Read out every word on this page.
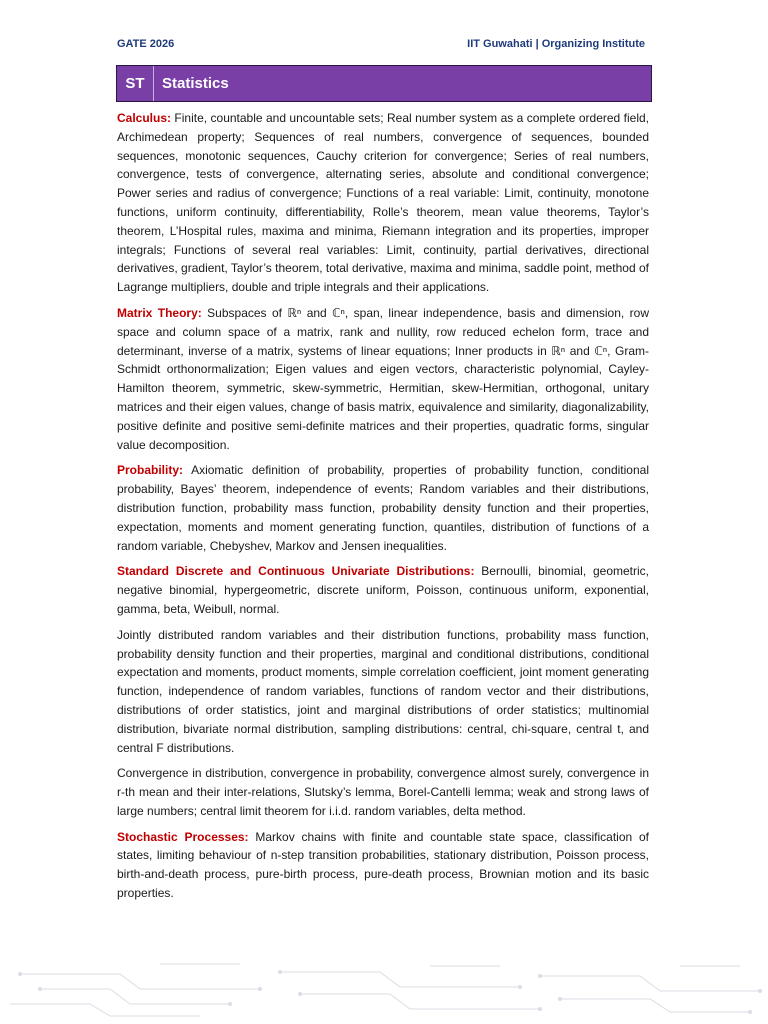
GATE 2026	IIT Guwahati | Organizing Institute
ST	Statistics

Calculus: Finite, countable and uncountable sets; Real number system as a complete ordered field, Archimedean property; Sequences of real numbers, convergence of sequences, bounded sequences, monotonic sequences, Cauchy criterion for convergence; Series of real numbers, convergence, tests of convergence, alternating series, absolute and conditional convergence; Power series and radius of convergence; Functions of a real variable: Limit, continuity, monotone functions, uniform continuity, differentiability, Rolle’s theorem, mean value theorems, Taylor’s theorem, L’Hospital rules, maxima and minima, Riemann integration and its properties, improper integrals; Functions of several real variables: Limit, continuity, partial derivatives, directional derivatives, gradient, Taylor’s theorem, total derivative, maxima and minima, saddle point, method of Lagrange multipliers, double and triple integrals and their applications.

Matrix Theory: Subspaces of ℝⁿ and ℂⁿ, span, linear independence, basis and dimension, row space and column space of a matrix, rank and nullity, row reduced echelon form, trace and determinant, inverse of a matrix, systems of linear equations; Inner products in ℝⁿ and ℂⁿ, Gram-Schmidt orthonormalization; Eigen values and eigen vectors, characteristic polynomial, Cayley-Hamilton theorem, symmetric, skew-symmetric, Hermitian, skew-Hermitian, orthogonal, unitary matrices and their eigen values, change of basis matrix, equivalence and similarity, diagonalizability, positive definite and positive semi-definite matrices and their properties, quadratic forms, singular value decomposition.

Probability: Axiomatic definition of probability, properties of probability function, conditional probability, Bayes’ theorem, independence of events; Random variables and their distributions, distribution function, probability mass function, probability density function and their properties, expectation, moments and moment generating function, quantiles, distribution of functions of a random variable, Chebyshev, Markov and Jensen inequalities.

Standard Discrete and Continuous Univariate Distributions: Bernoulli, binomial, geometric, negative binomial, hypergeometric, discrete uniform, Poisson, continuous uniform, exponential, gamma, beta, Weibull, normal.

Jointly distributed random variables and their distribution functions, probability mass function, probability density function and their properties, marginal and conditional distributions, conditional expectation and moments, product moments, simple correlation coefficient, joint moment generating function, independence of random variables, functions of random vector and their distributions, distributions of order statistics, joint and marginal distributions of order statistics; multinomial distribution, bivariate normal distribution, sampling distributions: central, chi-square, central t, and central F distributions.

Convergence in distribution, convergence in probability, convergence almost surely, convergence in r-th mean and their inter-relations, Slutsky’s lemma, Borel-Cantelli lemma; weak and strong laws of large numbers; central limit theorem for i.i.d. random variables, delta method.

Stochastic Processes: Markov chains with finite and countable state space, classification of states, limiting behaviour of n-step transition probabilities, stationary distribution, Poisson process, birth-and-death process, pure-birth process, pure-death process, Brownian motion and its basic properties.
